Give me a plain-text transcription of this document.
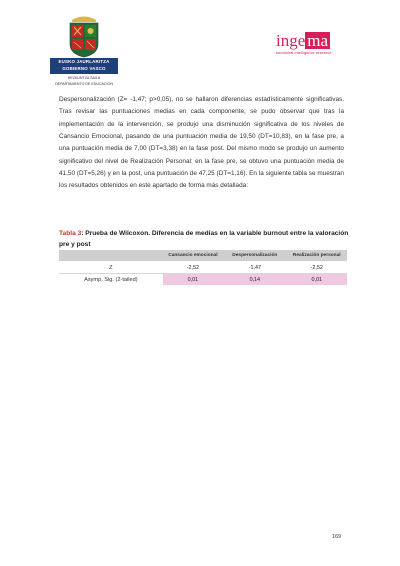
EUSKO JAURLARITZA
GOBIERNO VASCO
HEZKUNTZA SAILA
DEPARTAMENTO DE EDUCACIÓN
inge ma
emotional intelligence research

Despersonalización (Z= -1,47; p>0,05), no se hallaron diferencias estadísticamente significativas. Tras revisar las puntuaciones medias en cada componente, se pudo observar que tras la implementación de la intervención, se produjo una disminución significativa de los niveles de Cansancio Emocional, pasando de una puntuación media de 19,50 (DT=10,83), en la fase pre, a una puntuación media de 7,00 (DT=3,38) en la fase post. Del mismo modo se produjo un aumento significativo del nivel de Realización Personal: en la fase pre, se obtuvo una puntuación media de 41,50 (DT=5,26) y en la post, una puntuación de 47,25 (DT=1,16). En la siguiente tabla se muestran los resultados obtenidos en este apartado de forma más detallada:

Tabla 3: Prueba de Wilcoxon. Diferencia de medias en la variable burnout entre la valoración pre y post
	Cansancio emocional	Despersonalización	Realización personal
Z	-2,52	-1,47	-2,52
Asymp. Sig. (2-tailed)	0,01	0,14	0,01
169
